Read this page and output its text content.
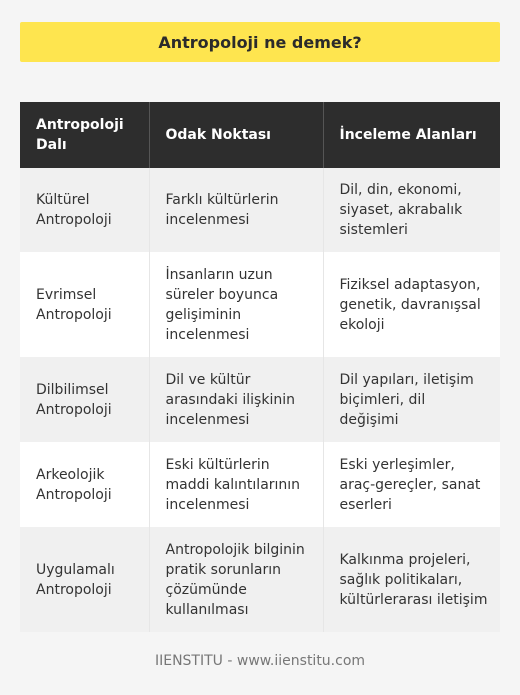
Antropoloji ne demek?
Antropoloji Dalı	Odak Noktası	İnceleme Alanları
Kültürel Antropoloji	Farklı kültürlerin incelenmesi	Dil, din, ekonomi, siyaset, akrabalık sistemleri
Evrimsel Antropoloji	İnsanların uzun süreler boyunca gelişiminin incelenmesi	Fiziksel adaptasyon, genetik, davranışsal ekoloji
Dilbilimsel Antropoloji	Dil ve kültür arasındaki ilişkinin incelenmesi	Dil yapıları, iletişim biçimleri, dil değişimi
Arkeolojik Antropoloji	Eski kültürlerin maddi kalıntılarının incelenmesi	Eski yerleşimler, araç-gereçler, sanat eserleri
Uygulamalı Antropoloji	Antropolojik bilginin pratik sorunların çözümünde kullanılması	Kalkınma projeleri, sağlık politikaları, kültürlerarası iletişim
IIENSTITU - www.iienstitu.com
